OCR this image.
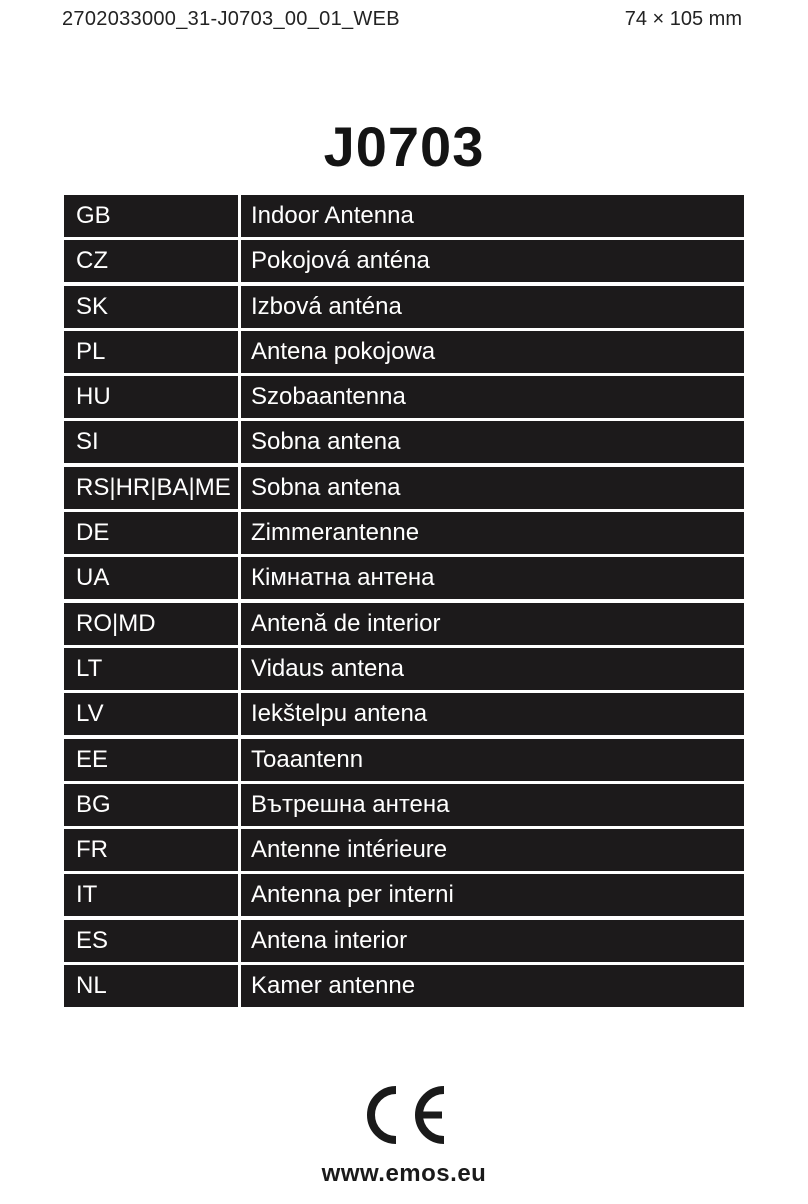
2702033000_31-J0703_00_01_WEB	74 × 105 mm
J0703
GB	Indoor Antenna
CZ	Pokojová anténa
SK	Izbová anténa
PL	Antena pokojowa
HU	Szobaantenna
SI	Sobna antena
RS|HR|BA|ME Sobna antena
DE	Zimmerantenne
UA	Кімнатна антена
RO|MD	Antenă de interior
LT	Vidaus antena
LV	Iekštelpu antena
EE	Toaantenn
BG	Вътрешна антена
FR	Antenne intérieure
IT	Antenna per interni
ES	Antena interior
NL	Kamer antenne
www.emos.eu
